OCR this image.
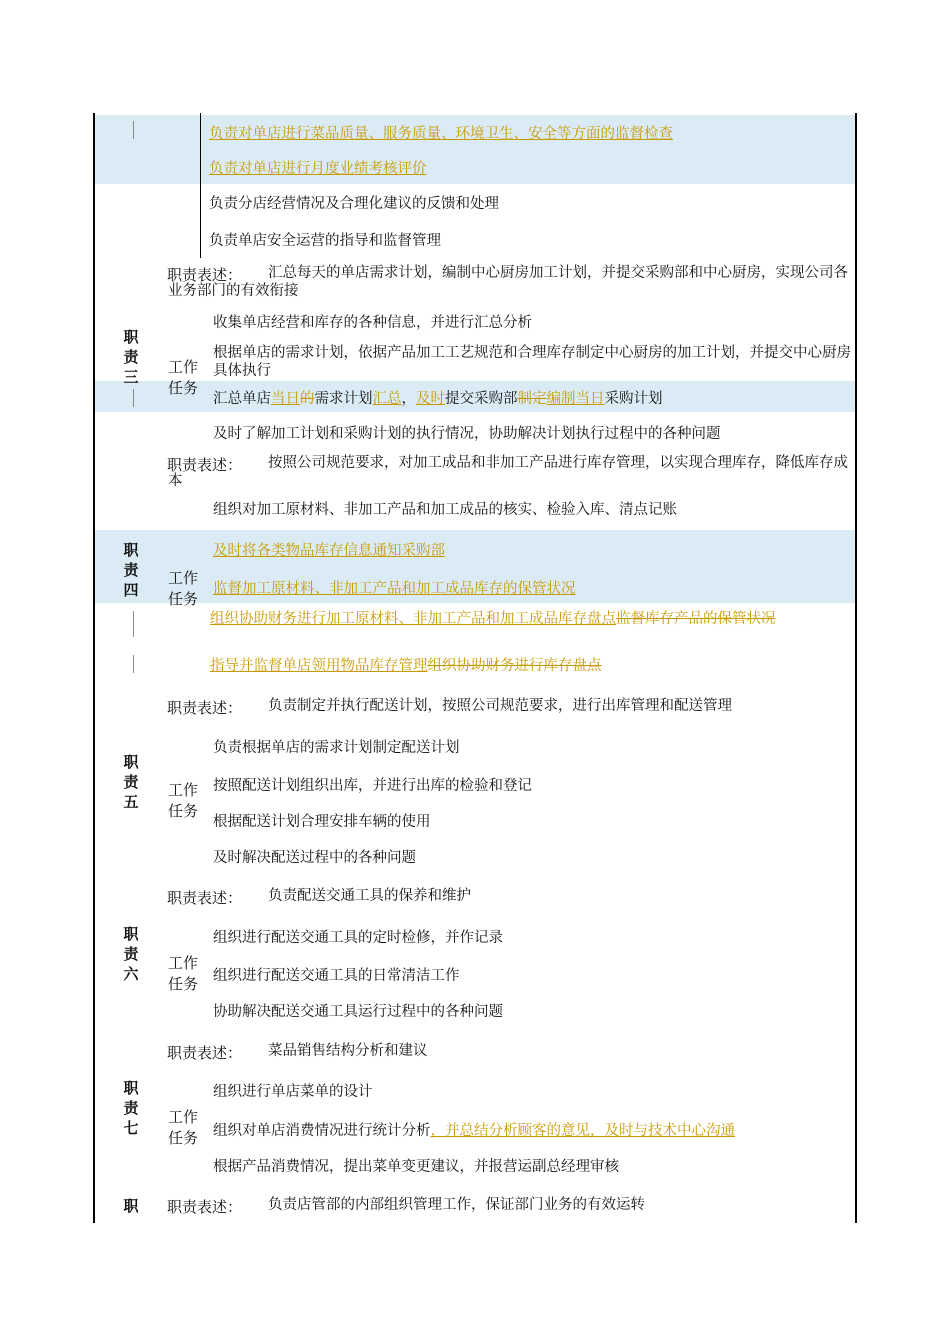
负责对单店进行菜品质量、服务质量、环境卫生、安全等方面的监督检查
负责对单店进行月度业绩考核评价
负责分店经营情况及合理化建议的反馈和处理
负责单店安全运营的指导和监督管理
职责表述：	汇总每天的单店需求计划，编制中心厨房加工计划，并提交采购部和中心厨房，实现公司各业务部门的有效衔接
职责三
工作任务
收集单店经营和库存的各种信息，并进行汇总分析
根据单店的需求计划，依据产品加工工艺规范和合理库存制定中心厨房的加工计划，并提交中心厨房具体执行
汇总单店当日的需求计划汇总，及时提交采购部制定编制当日采购计划
及时了解加工计划和采购计划的执行情况，协助解决计划执行过程中的各种问题
职责表述：	按照公司规范要求，对加工成品和非加工产品进行库存管理，以实现合理库存，降低库存成本
组织对加工原材料、非加工产品和加工成品的核实、检验入库、清点记账
职责四
工作任务
及时将各类物品库存信息通知采购部
监督加工原材料、非加工产品和加工成品库存的保管状况
组织协助财务进行加工原材料、非加工产品和加工成品库存盘点监督库存产品的保管状况
指导并监督单店领用物品库存管理组织协助财务进行库存盘点
职责表述： 负责制定并执行配送计划，按照公司规范要求，进行出库管理和配送管理
职责五
工作任务
负责根据单店的需求计划制定配送计划
按照配送计划组织出库，并进行出库的检验和登记
根据配送计划合理安排车辆的使用
及时解决配送过程中的各种问题
职责表述： 负责配送交通工具的保养和维护
职责六
工作任务
组织进行配送交通工具的定时检修，并作记录
组织进行配送交通工具的日常清洁工作
协助解决配送交通工具运行过程中的各种问题
职责表述： 菜品销售结构分析和建议
职责七
工作任务
组织进行单店菜单的设计
组织对单店消费情况进行统计分析，并总结分析顾客的意见，及时与技术中心沟通
根据产品消费情况，提出菜单变更建议，并报营运副总经理审核
职 职责表述： 负责店管部的内部组织管理工作，保证部门业务的有效运转
